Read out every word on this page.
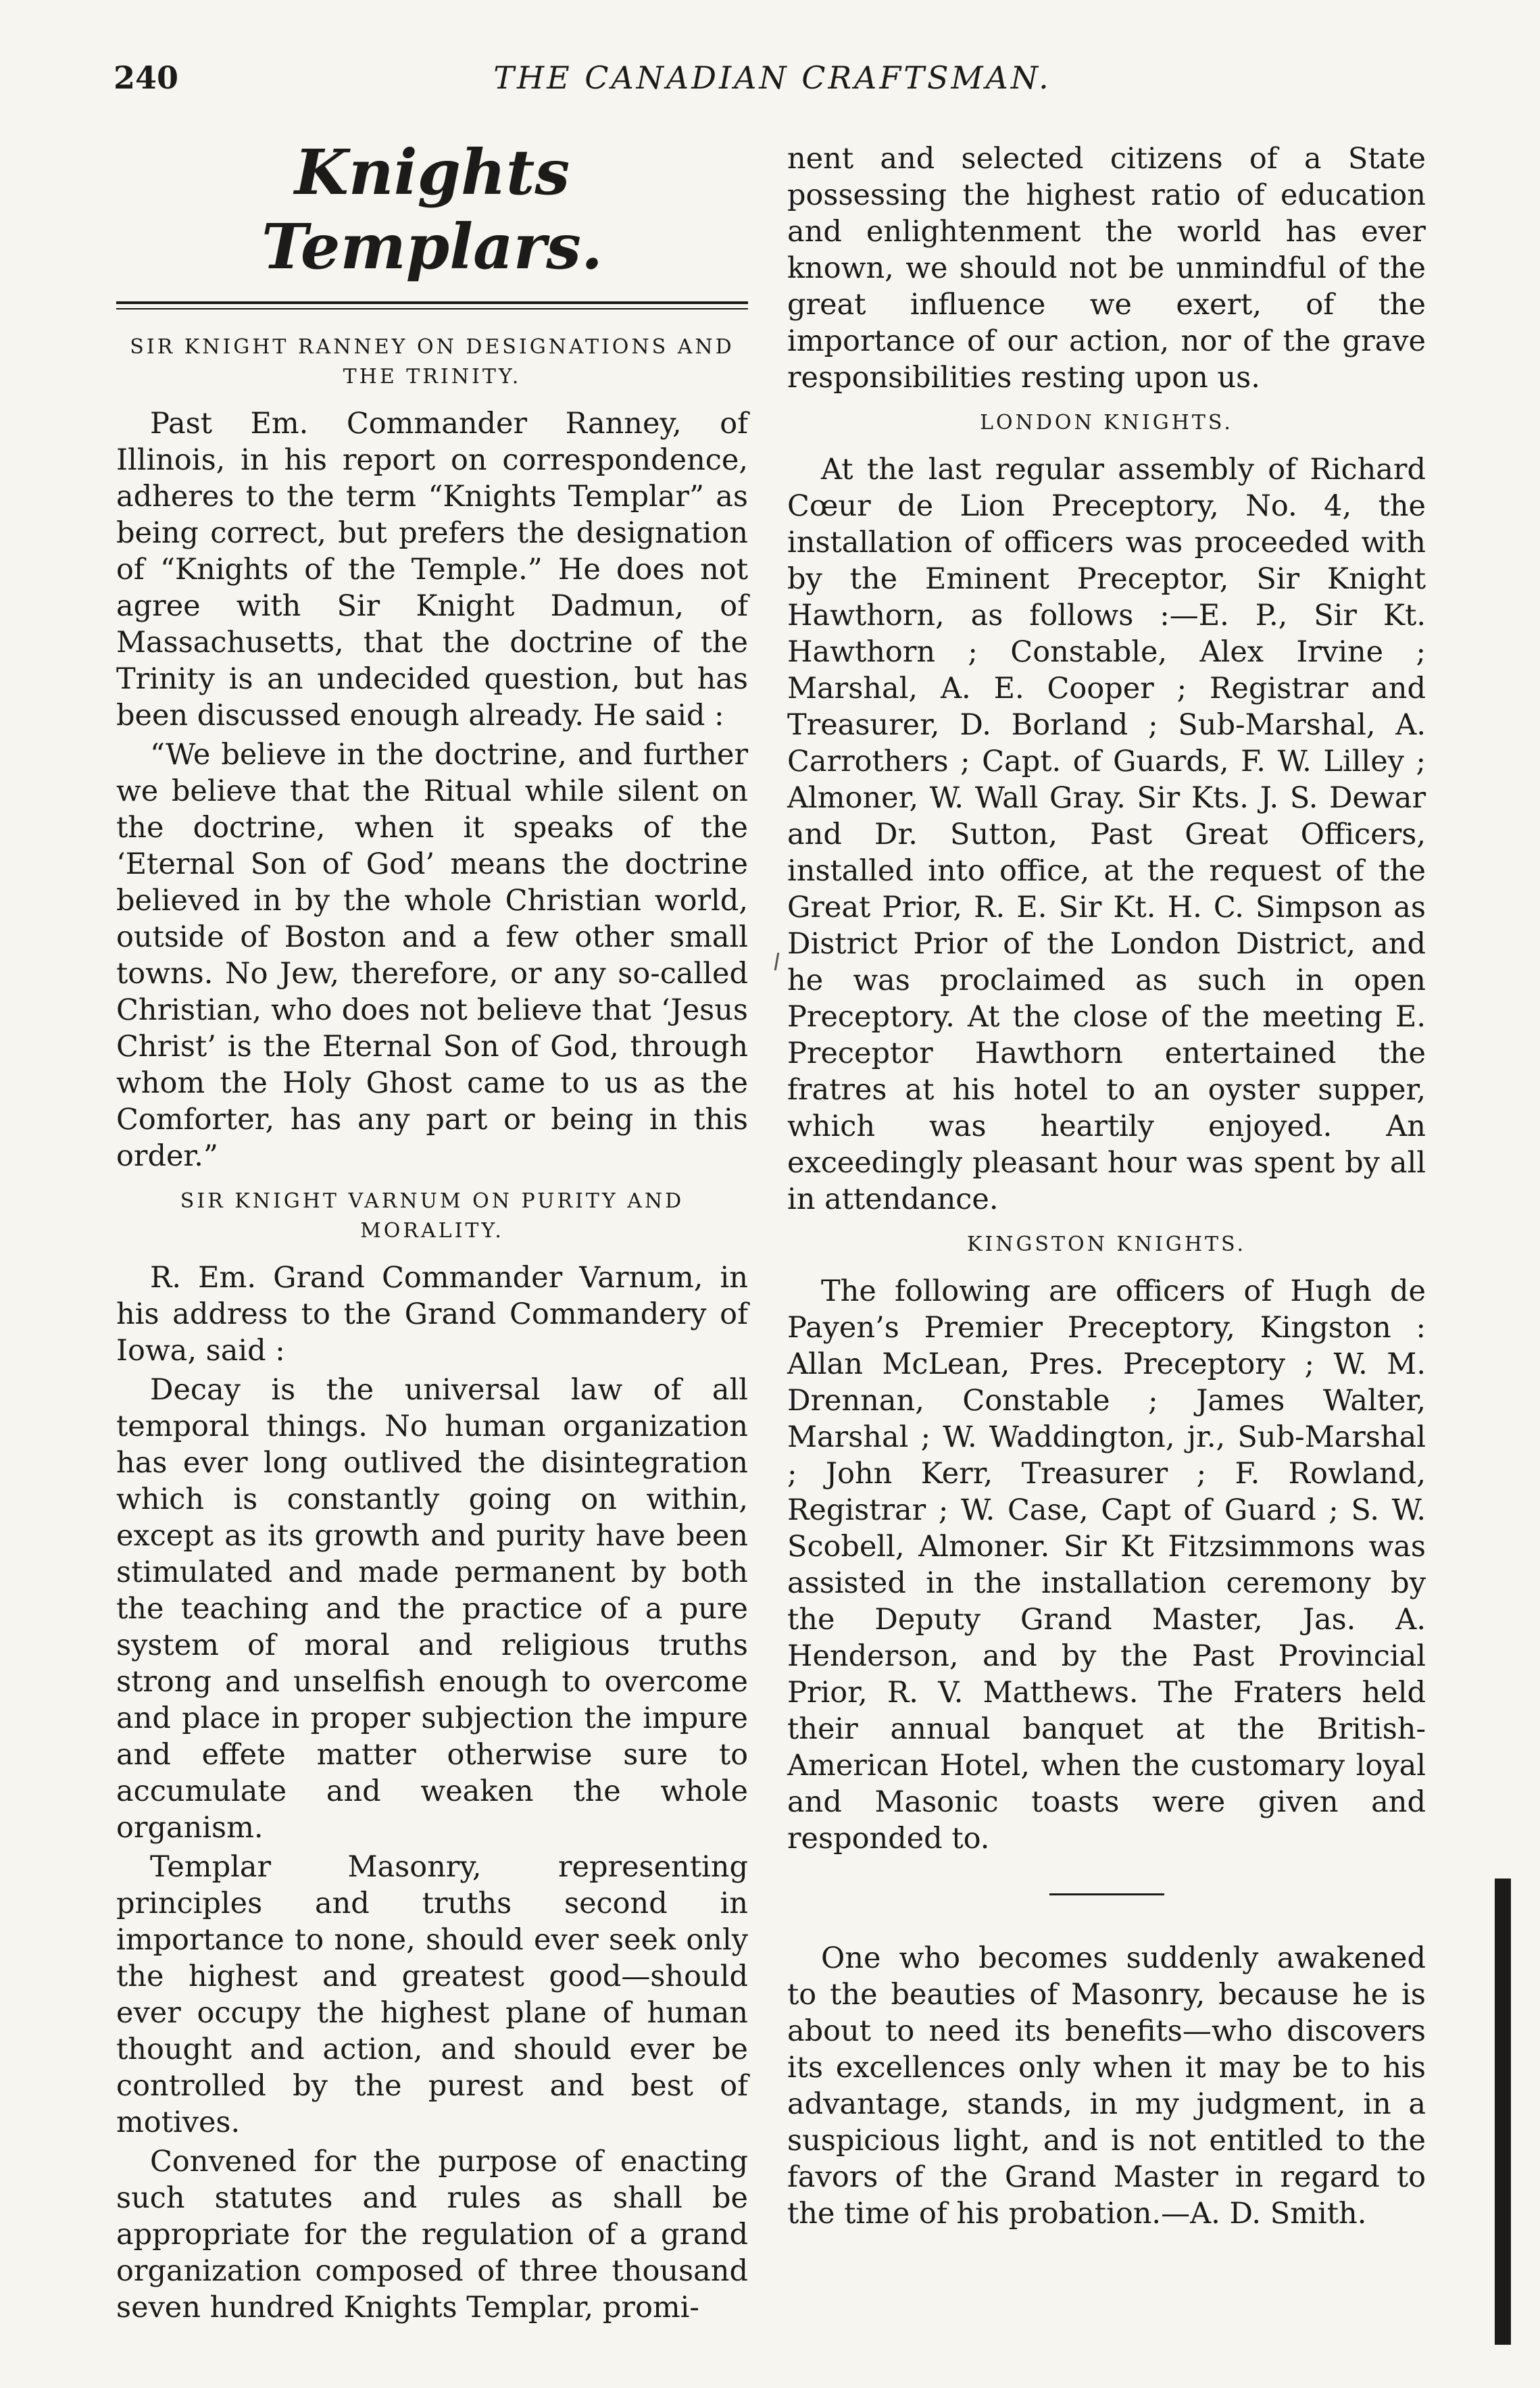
240	THE CANADIAN CRAFTSMAN.
Knights Templars.
SIR KNIGHT RANNEY ON DESIGNATIONS AND THE TRINITY.

Past Em. Commander Ranney, of Illinois, in his report on correspondence, adheres to the term “Knights Templar” as being correct, but prefers the designation of “Knights of the Temple.” He does not agree with Sir Knight Dadmun, of Massachusetts, that the doctrine of the Trinity is an undecided question, but has been discussed enough already. He said :

“We believe in the doctrine, and further we believe that the Ritual while silent on the doctrine, when it speaks of the ‘Eternal Son of God’ means the doctrine believed in by the whole Christian world, outside of Boston and a few other small towns. No Jew, therefore, or any so-called Christian, who does not believe that ‘Jesus Christ’ is the Eternal Son of God, through whom the Holy Ghost came to us as the Comforter, has any part or being in this order.”

SIR KNIGHT VARNUM ON PURITY AND MORALITY.

R. Em. Grand Commander Varnum, in his address to the Grand Commandery of Iowa, said :

Decay is the universal law of all temporal things. No human organization has ever long outlived the disintegration which is constantly going on within, except as its growth and purity have been stimulated and made permanent by both the teaching and the practice of a pure system of moral and religious truths strong and unselfish enough to overcome and place in proper subjection the impure and effete matter otherwise sure to accumulate and weaken the whole organism.

Templar Masonry, representing principles and truths second in importance to none, should ever seek only the highest and greatest good—should ever occupy the highest plane of human thought and action, and should ever be controlled by the purest and best of motives.

Convened for the purpose of enacting such statutes and rules as shall be appropriate for the regulation of a grand organization composed of three thousand seven hundred Knights Templar, promi-

nent and selected citizens of a State possessing the highest ratio of education and enlightenment the world has ever known, we should not be unmindful of the great influence we exert, of the importance of our action, nor of the grave responsibilities resting upon us.

LONDON KNIGHTS.

At the last regular assembly of Richard Cœur de Lion Preceptory, No. 4, the installation of officers was proceeded with by the Eminent Preceptor, Sir Knight Hawthorn, as follows :—E. P., Sir Kt. Hawthorn ; Constable, Alex Irvine ; Marshal, A. E. Cooper ; Registrar and Treasurer, D. Borland ; Sub-Marshal, A. Carrothers ; Capt. of Guards, F. W. Lilley ; Almoner, W. Wall Gray. Sir Kts. J. S. Dewar and Dr. Sutton, Past Great Officers, installed into office, at the request of the Great Prior, R. E. Sir Kt. H. C. Simpson as District Prior of the London District, and he was proclaimed as such in open Preceptory. At the close of the meeting E. Preceptor Hawthorn entertained the fratres at his hotel to an oyster supper, which was heartily enjoyed. An exceedingly pleasant hour was spent by all in attendance.

KINGSTON KNIGHTS.

The following are officers of Hugh de Payen’s Premier Preceptory, Kingston : Allan McLean, Pres. Preceptory ; W. M. Drennan, Constable ; James Walter, Marshal ; W. Waddington, jr., Sub-Marshal ; John Kerr, Treasurer ; F. Rowland, Registrar ; W. Case, Capt of Guard ; S. W. Scobell, Almoner. Sir Kt Fitzsimmons was assisted in the installation ceremony by the Deputy Grand Master, Jas. A. Henderson, and by the Past Provincial Prior, R. V. Matthews. The Fraters held their annual banquet at the British-American Hotel, when the customary loyal and Masonic toasts were given and responded to.

One who becomes suddenly awakened to the beauties of Masonry, because he is about to need its benefits—who discovers its excellences only when it may be to his advantage, stands, in my judgment, in a suspicious light, and is not entitled to the favors of the Grand Master in regard to the time of his probation.—A. D. Smith.
